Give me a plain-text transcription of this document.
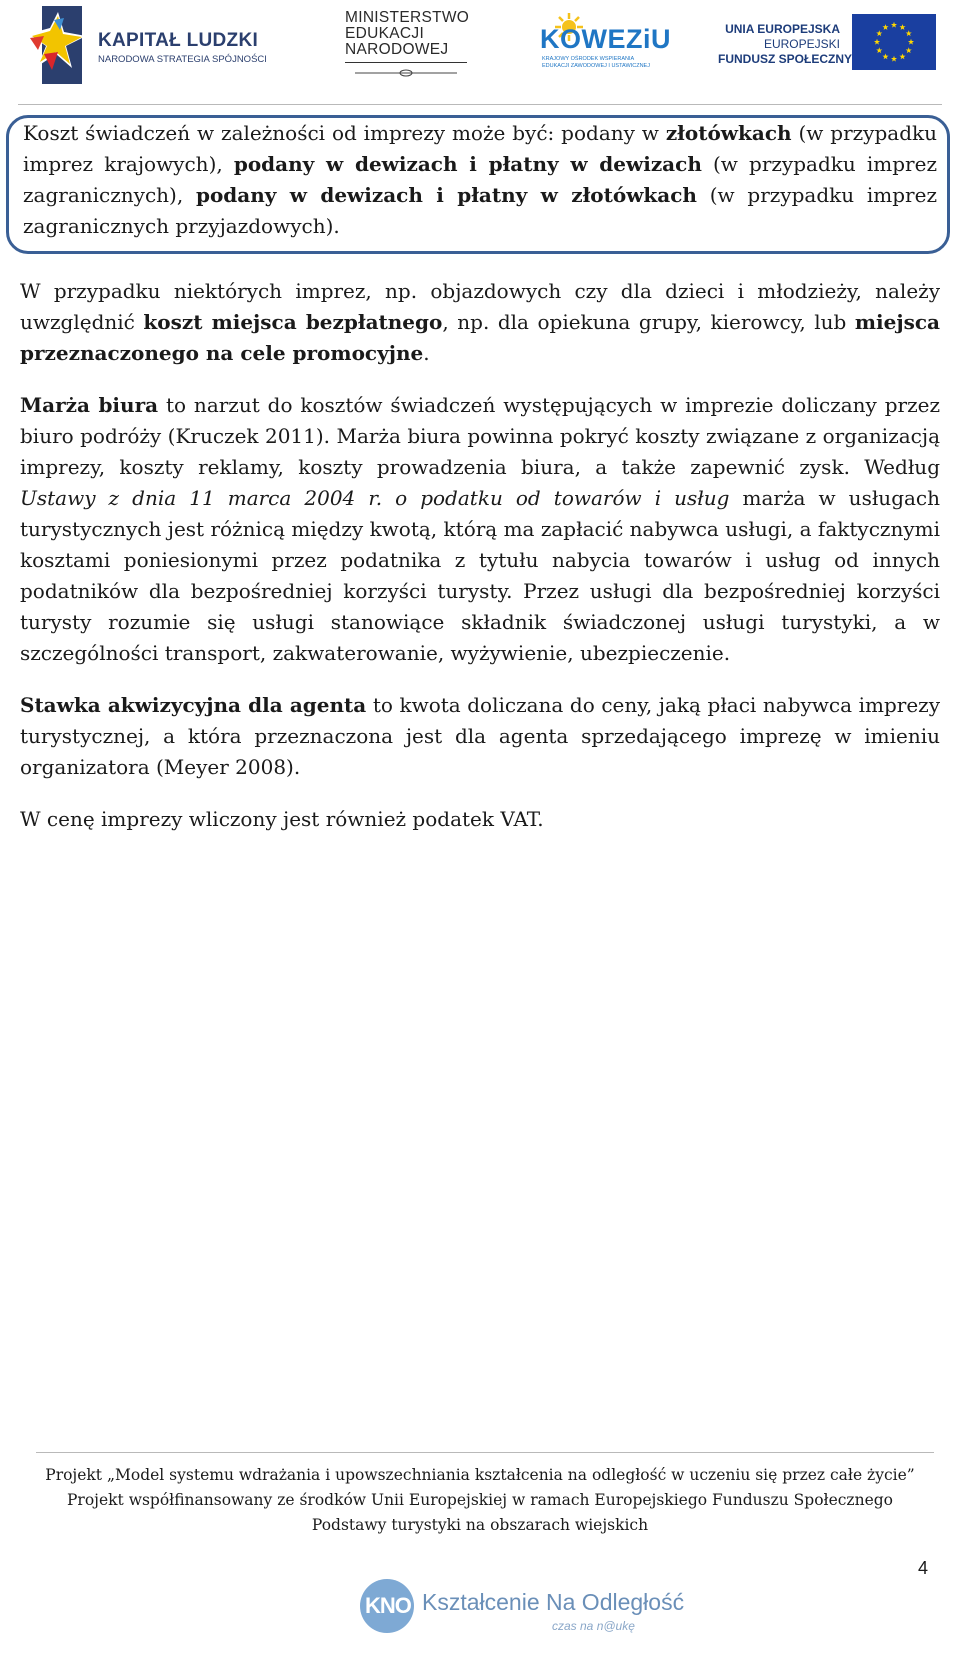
KAPITAŁ LUDZKI
NARODOWA STRATEGIA SPÓJNOŚCI
MINISTERSTWO
EDUKACJI
NARODOWEJ	KOWEZiU
KRAJOWY OŚRODEK WSPIERANIA
EDUKACJI ZAWODOWEJ I USTAWICZNEJ
UNIA EUROPEJSKA
EUROPEJSKI
FUNDUSZ SPOŁECZNY

Koszt świadczeń w zależności od imprezy może być: podany w złotówkach (w przypadku imprez krajowych), podany w dewizach i płatny w dewizach (w przypadku imprez zagranicznych), podany w dewizach i płatny w złotówkach (w przypadku imprez zagranicznych przyjazdowych).

W przypadku niektórych imprez, np. objazdowych czy dla dzieci i młodzieży, należy uwzględnić koszt miejsca bezpłatnego, np. dla opiekuna grupy, kierowcy, lub miejsca przeznaczonego na cele promocyjne.

Marża biura to narzut do kosztów świadczeń występujących w imprezie doliczany przez biuro podróży (Kruczek 2011). Marża biura powinna pokryć koszty związane z organizacją imprezy, koszty reklamy, koszty prowadzenia biura, a także zapewnić zysk. Według Ustawy z dnia 11 marca 2004 r. o podatku od towarów i usług marża w usługach turystycznych jest różnicą między kwotą, którą ma zapłacić nabywca usługi, a faktycznymi kosztami poniesionymi przez podatnika z tytułu nabycia towarów i usług od innych podatników dla bezpośredniej korzyści turysty. Przez usługi dla bezpośredniej korzyści turysty rozumie się usługi stanowiące składnik świadczonej usługi turystyki, a w szczególności transport, zakwaterowanie, wyżywienie, ubezpieczenie.

Stawka akwizycyjna dla agenta to kwota doliczana do ceny, jaką płaci nabywca imprezy turystycznej, a która przeznaczona jest dla agenta sprzedającego imprezę w imieniu organizatora (Meyer 2008).

W cenę imprezy wliczony jest również podatek VAT.

Projekt „Model systemu wdrażania i upowszechniania kształcenia na odległość w uczeniu się przez całe życie”
Projekt współfinansowany ze środków Unii Europejskiej w ramach Europejskiego Funduszu Społecznego
Podstawy turystyki na obszarach wiejskich
4
KNO Kształcenie Na Odległość
czas na n@ukę
